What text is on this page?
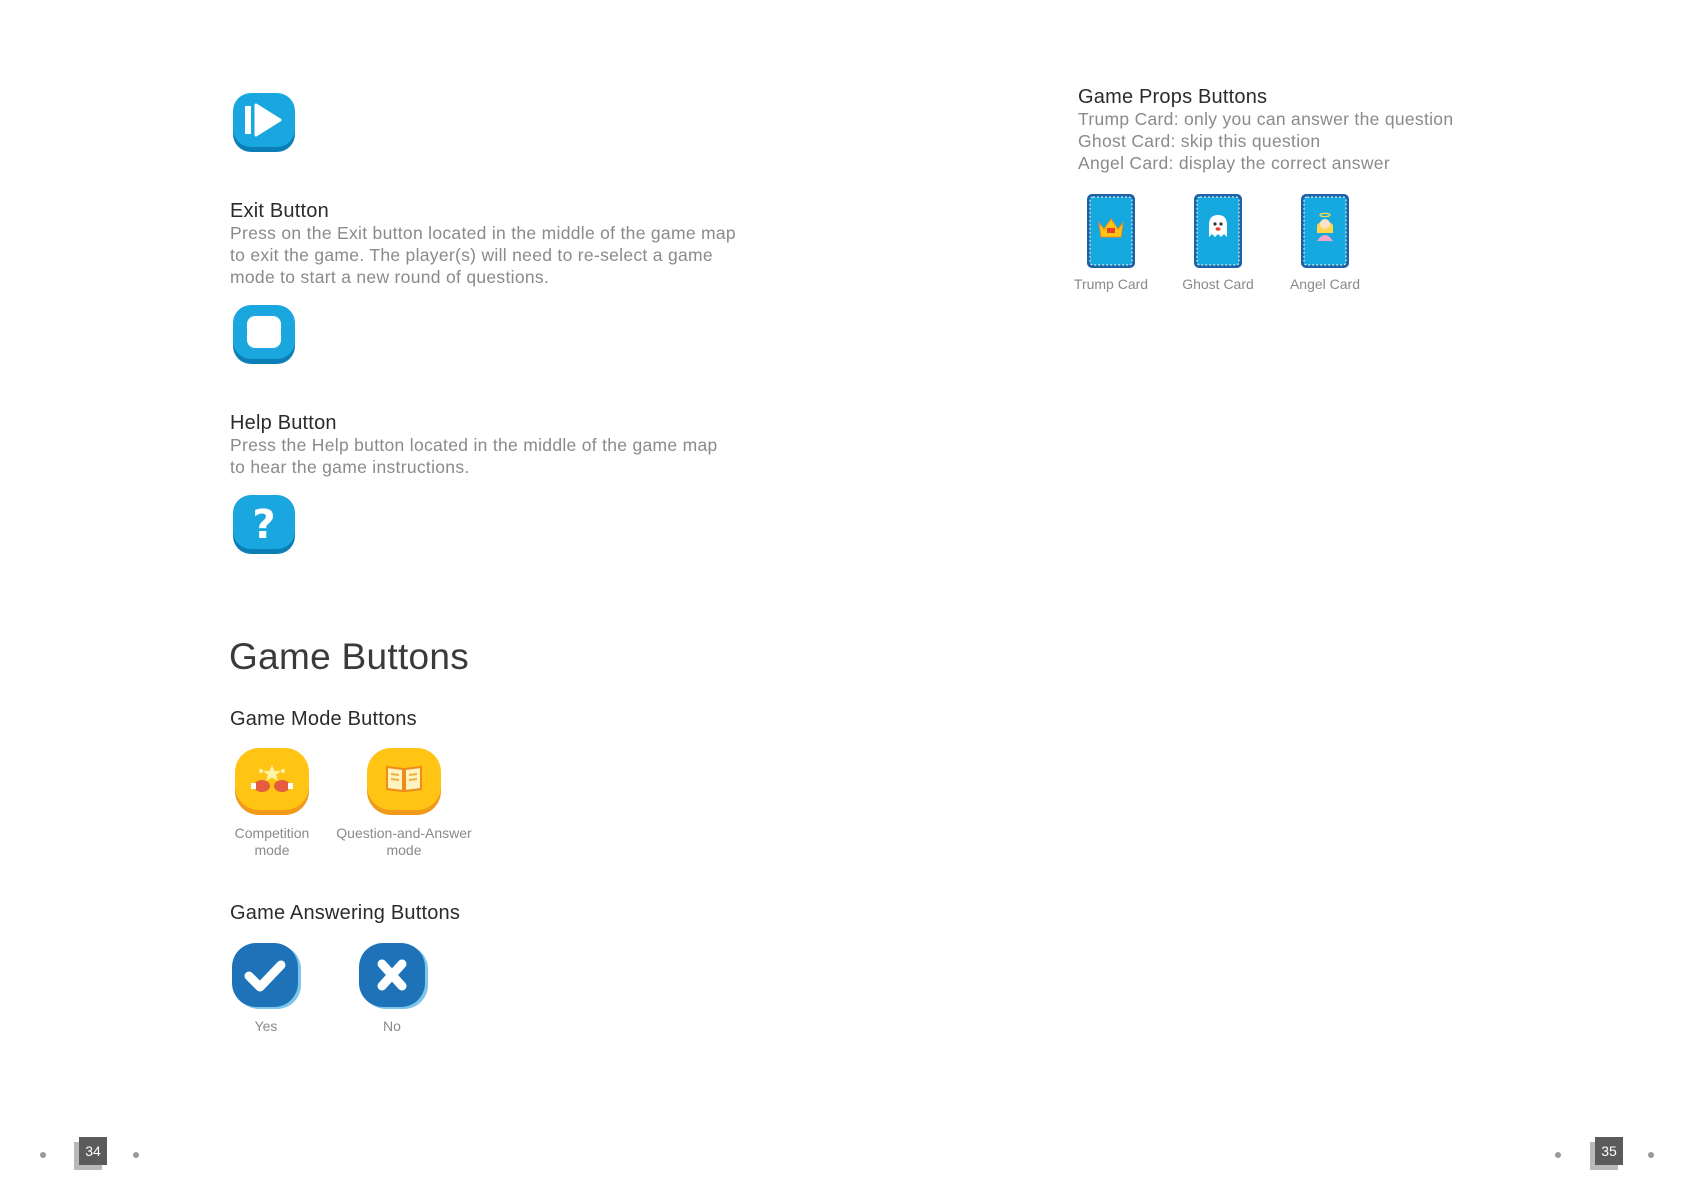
Exit Button
Press on the Exit button located in the middle of the game map
to exit the game. The player(s) will need to re-select a game
mode to start a new round of questions.
Help Button
Press the Help button located in the middle of the game map
to hear the game instructions.
?
Game Buttons
Game Mode Buttons
Competition
mode
Question-and-Answer
mode
Game Answering Buttons
Yes	No
Game Props Buttons
Trump Card: only you can answer the question
Ghost Card: skip this question
Angel Card: display the correct answer
Trump Card	Ghost Card	Angel Card
34	35
